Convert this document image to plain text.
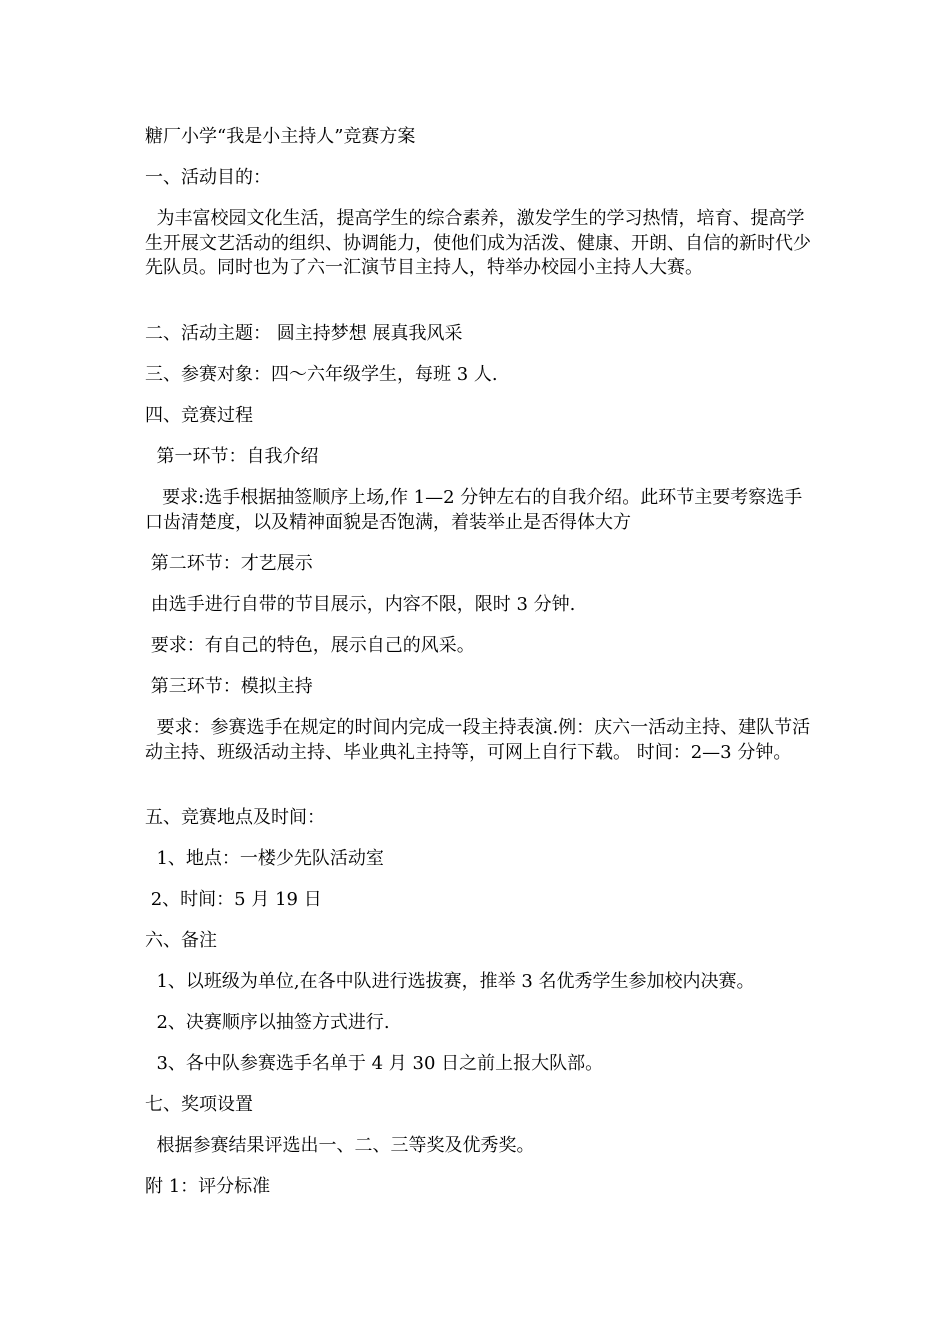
糖厂小学“我是小主持人”竞赛方案

一、活动目的：

为丰富校园文化生活，提高学生的综合素养，激发学生的学习热情，培育、提高学生开展文艺活动的组织、协调能力，使他们成为活泼、健康、开朗、自信的新时代少先队员。同时也为了六一汇演节目主持人，特举办校园小主持人大赛。

二、活动主题： 圆主持梦想 展真我风采

三、参赛对象：四～六年级学生，每班 3 人.

四、竞赛过程

第一环节：自我介绍

要求:选手根据抽签顺序上场,作 1—2 分钟左右的自我介绍。此环节主要考察选手口齿清楚度，以及精神面貌是否饱满，着装举止是否得体大方

第二环节：才艺展示

由选手进行自带的节目展示，内容不限，限时 3 分钟.

要求：有自己的特色，展示自己的风采。

第三环节：模拟主持

要求：参赛选手在规定的时间内完成一段主持表演.例：庆六一活动主持、建队节活动主持、班级活动主持、毕业典礼主持等，可网上自行下载。 时间：2—3 分钟。

五、竞赛地点及时间：

1、地点：一楼少先队活动室

2、时间：5 月 19 日

六、备注

1、以班级为单位,在各中队进行选拔赛，推举 3 名优秀学生参加校内决赛。

2、决赛顺序以抽签方式进行.

3、各中队参赛选手名单于 4 月 30 日之前上报大队部。

七、奖项设置

根据参赛结果评选出一、二、三等奖及优秀奖。

附 1：评分标准
